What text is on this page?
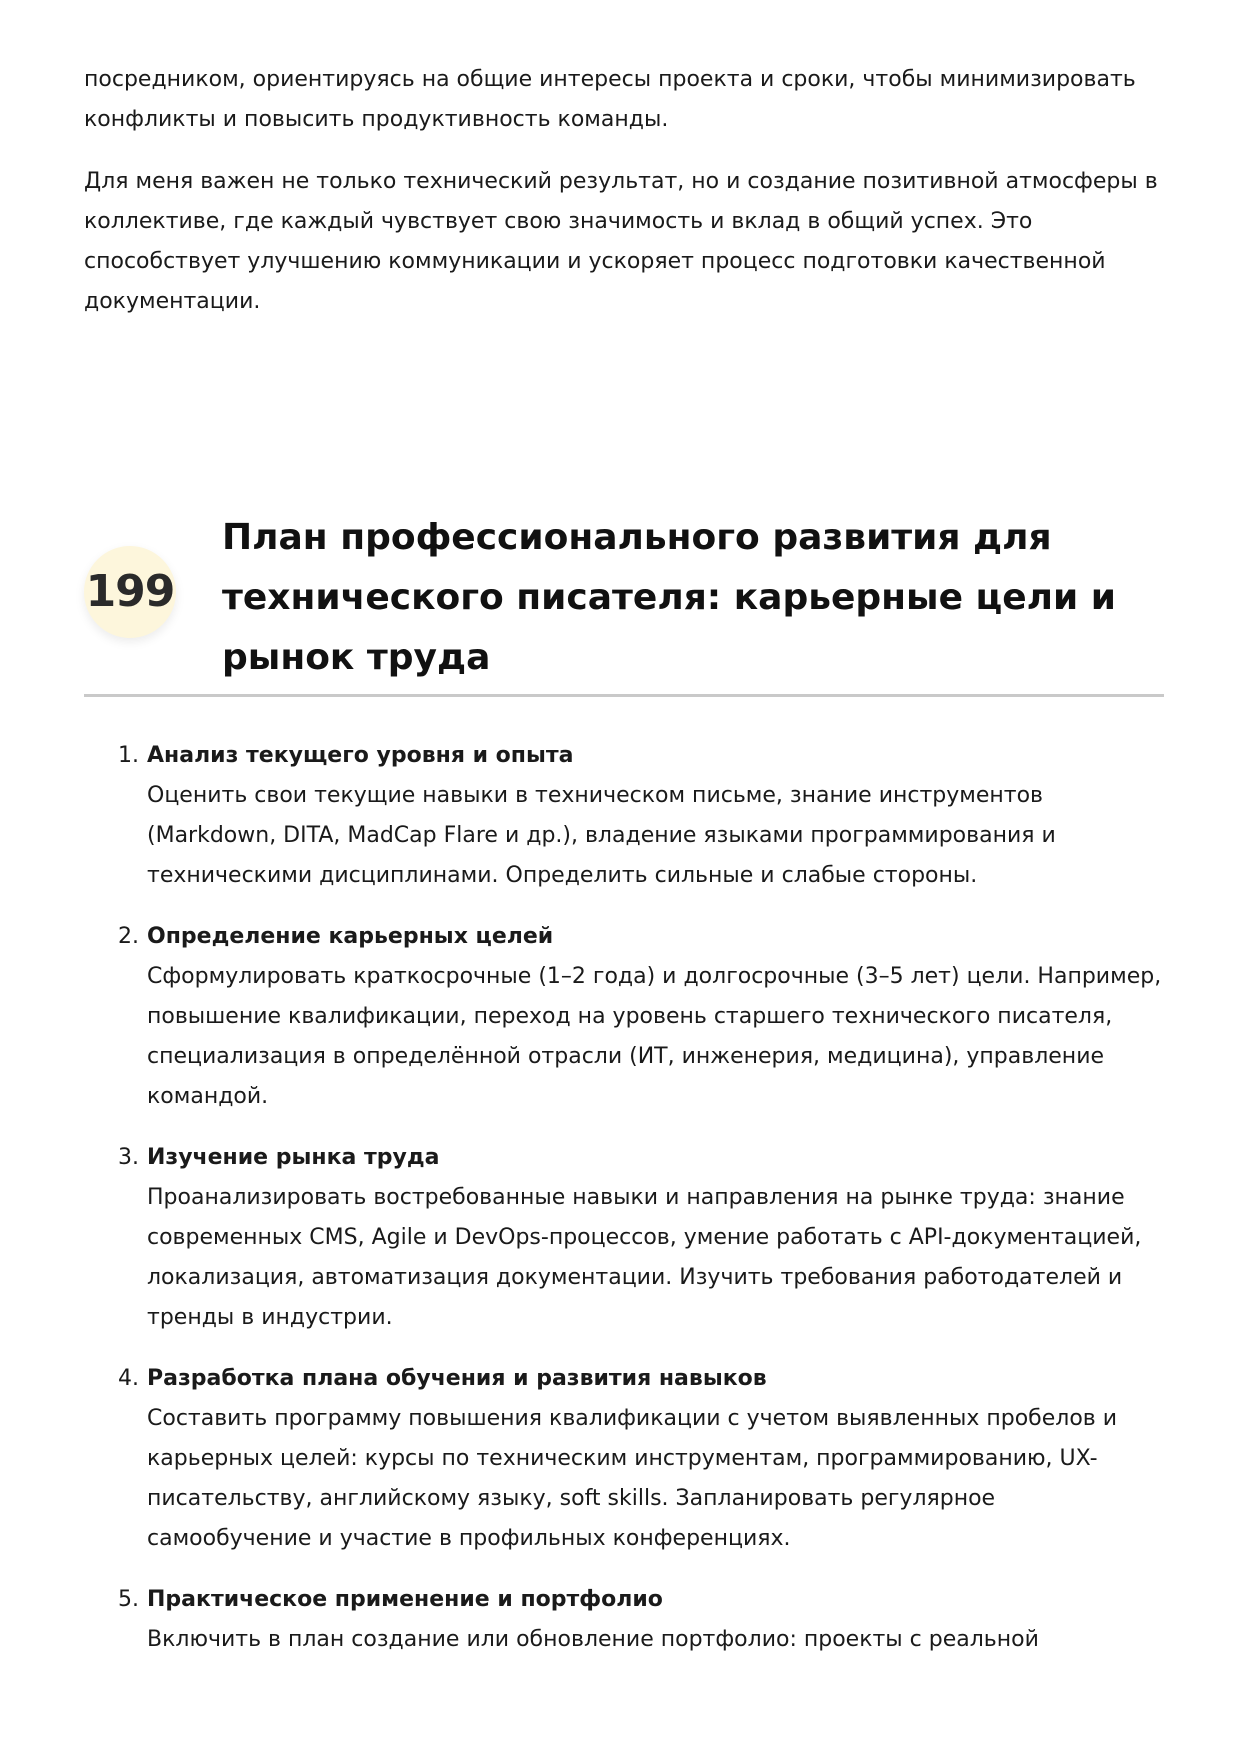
посредником, ориентируясь на общие интересы проекта и сроки, чтобы минимизировать конфликты и повысить продуктивность команды.

Для меня важен не только технический результат, но и создание позитивной атмосферы в коллективе, где каждый чувствует свою значимость и вклад в общий успех. Это способствует улучшению коммуникации и ускоряет процесс подготовки качественной документации.

199
План профессионального развития для технического писателя: карьерные цели и рынок труда
1. Анализ текущего уровня и опыта
Оценить свои текущие навыки в техническом письме, знание инструментов (Markdown, DITA, MadCap Flare и др.), владение языками программирования и техническими дисциплинами. Определить сильные и слабые стороны.
2. Определение карьерных целей
Сформулировать краткосрочные (1–2 года) и долгосрочные (3–5 лет) цели. Например, повышение квалификации, переход на уровень старшего технического писателя, специализация в определённой отрасли (ИТ, инженерия, медицина), управление командой.
3. Изучение рынка труда
Проанализировать востребованные навыки и направления на рынке труда: знание современных CMS, Agile и DevOps-процессов, умение работать с API-документацией, локализация, автоматизация документации. Изучить требования работодателей и тренды в индустрии.
4. Разработка плана обучения и развития навыков
Составить программу повышения квалификации с учетом выявленных пробелов и карьерных целей: курсы по техническим инструментам, программированию, UX-писательству, английскому языку, soft skills. Запланировать регулярное самообучение и участие в профильных конференциях.
5. Практическое применение и портфолио
Включить в план создание или обновление портфолио: проекты с реальной
